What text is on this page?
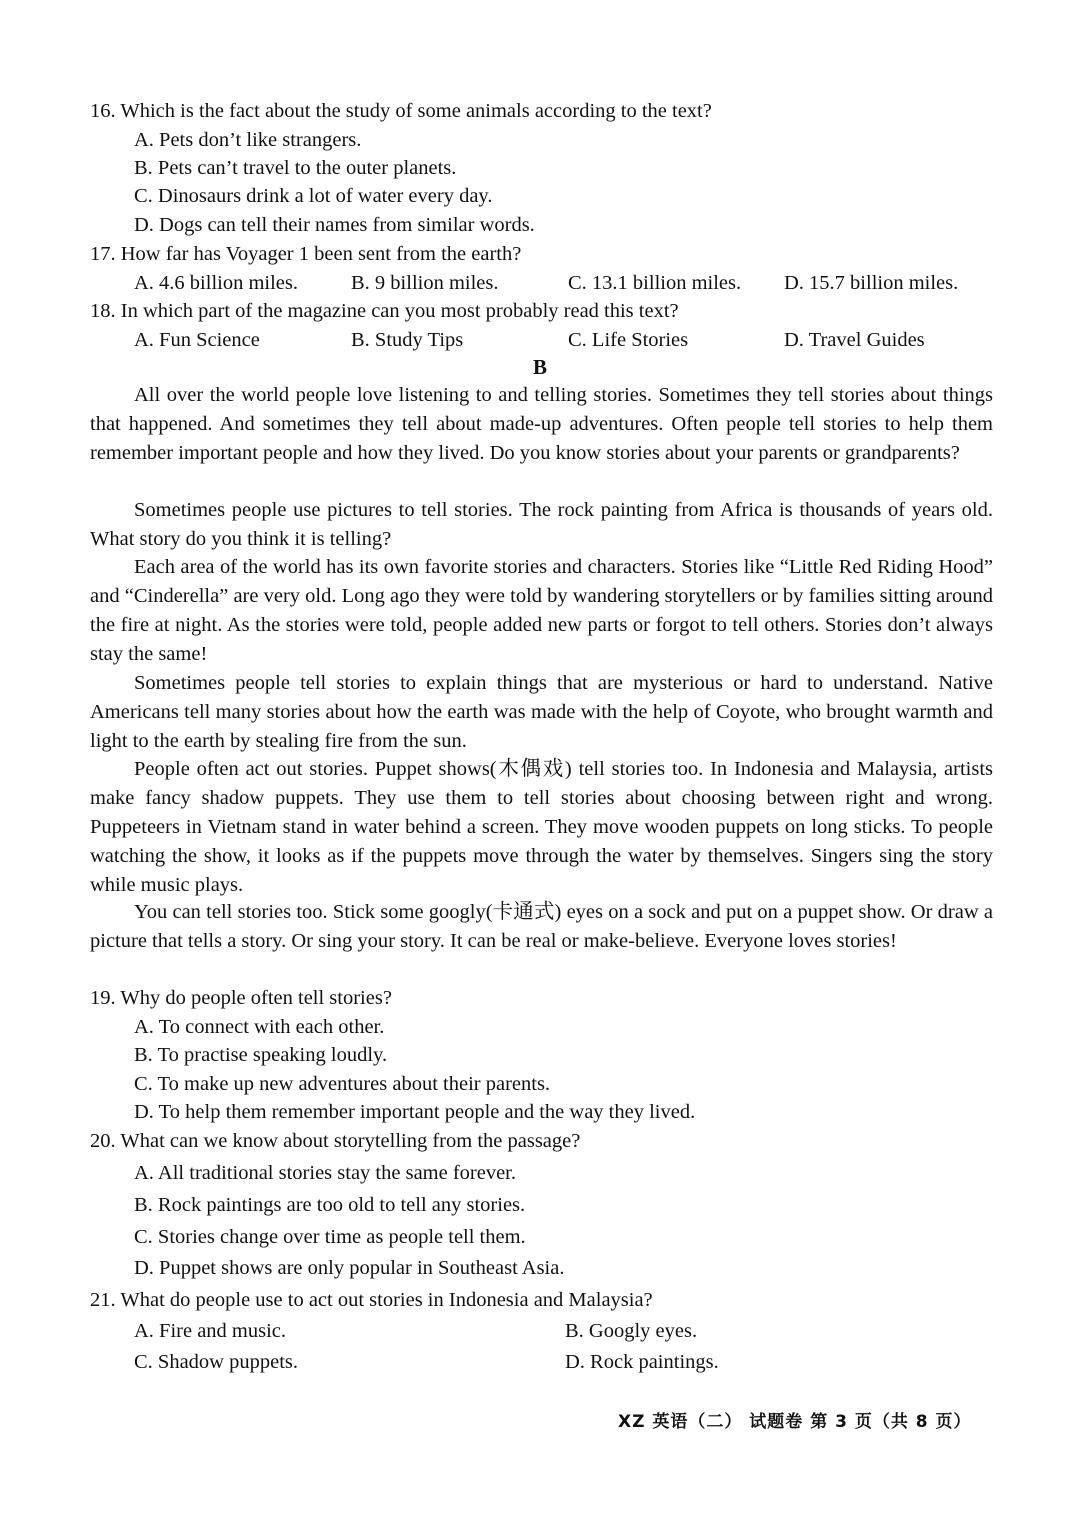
16. Which is the fact about the study of some animals according to the text?
A. Pets don’t like strangers.
B. Pets can’t travel to the outer planets.
C. Dinosaurs drink a lot of water every day.
D. Dogs can tell their names from similar words.
17. How far has Voyager 1 been sent from the earth?
A. 4.6 billion miles.	B. 9 billion miles.	C. 13.1 billion miles. D. 15.7 billion miles.
18. In which part of the magazine can you most probably read this text?
A. Fun Science	B. Study Tips	C. Life Stories	D. Travel Guides
B

All over the world people love listening to and telling stories. Sometimes they tell stories about things that happened. And sometimes they tell about made-up adventures. Often people tell stories to help them remember important people and how they lived. Do you know stories about your parents or grandparents?

Sometimes people use pictures to tell stories. The rock painting from Africa is thousands of years old. What story do you think it is telling?

Each area of the world has its own favorite stories and characters. Stories like “Little Red Riding Hood” and “Cinderella” are very old. Long ago they were told by wandering storytellers or by families sitting around the fire at night. As the stories were told, people added new parts or forgot to tell others. Stories don’t always stay the same!

Sometimes people tell stories to explain things that are mysterious or hard to understand. Native Americans tell many stories about how the earth was made with the help of Coyote, who brought warmth and light to the earth by stealing fire from the sun.

People often act out stories. Puppet shows(木偶戏) tell stories too. In Indonesia and Malaysia, artists make fancy shadow puppets. They use them to tell stories about choosing between right and wrong. Puppeteers in Vietnam stand in water behind a screen. They move wooden puppets on long sticks. To people watching the show, it looks as if the puppets move through the water by themselves. Singers sing the story while music plays.

You can tell stories too. Stick some googly(卡通式) eyes on a sock and put on a puppet show. Or draw a picture that tells a story. Or sing your story. It can be real or make-believe. Everyone loves stories!

19. Why do people often tell stories?
A. To connect with each other.
B. To practise speaking loudly.
C. To make up new adventures about their parents.
D. To help them remember important people and the way they lived.
20. What can we know about storytelling from the passage?
A. All traditional stories stay the same forever.
B. Rock paintings are too old to tell any stories.
C. Stories change over time as people tell them.
D. Puppet shows are only popular in Southeast Asia.
21. What do people use to act out stories in Indonesia and Malaysia?
A. Fire and music.	B. Googly eyes.
C. Shadow puppets.	D. Rock paintings.
XZ 英语（二） 试题卷 第 3 页（共 8 页）
